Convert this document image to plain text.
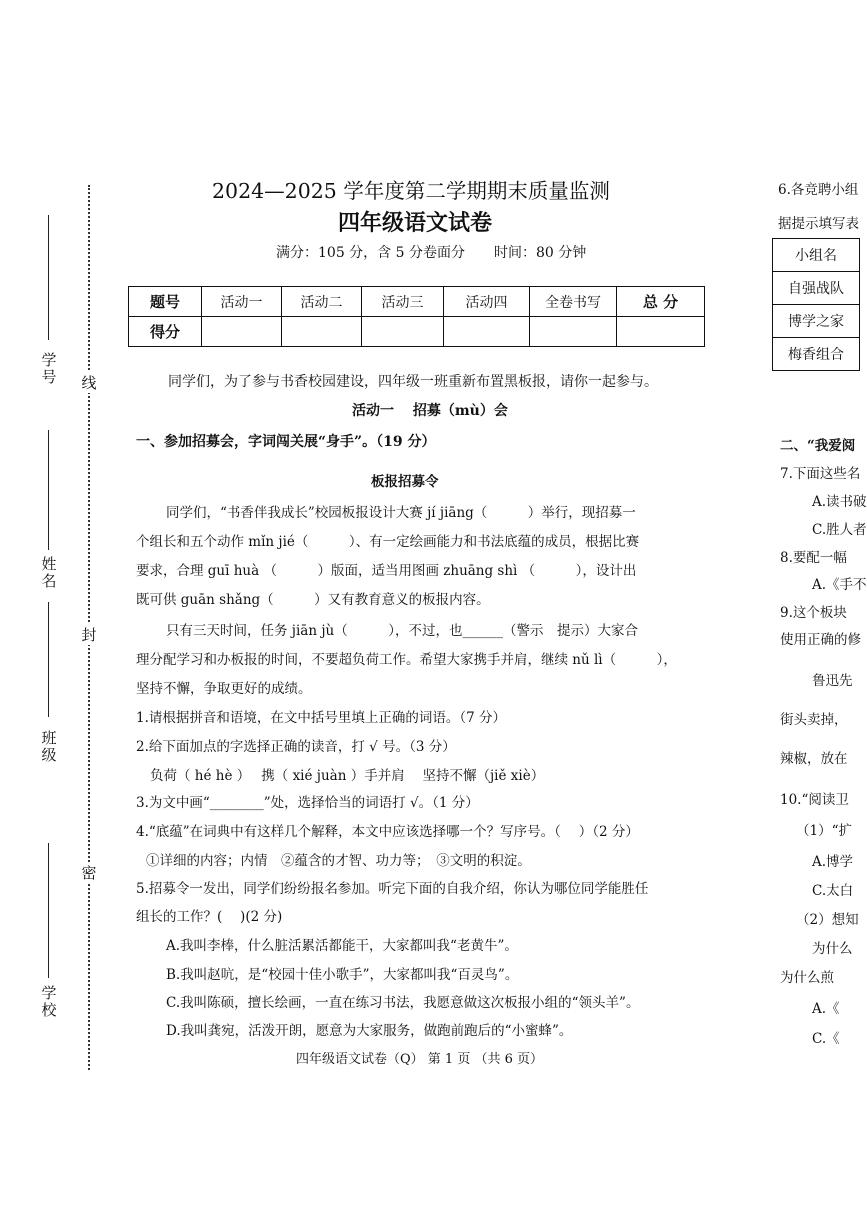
线
封
密
学号
姓名
班级
学校
2024—2025 学年度第二学期期末质量监测
四年级语文试卷
满分：105 分，含 5 分卷面分 时间：80 分钟
题号	活动一	活动二	活动三	活动四	全卷书写	总 分
得分						
同学们，为了参与书香校园建设，四年级一班重新布置黑板报，请你一起参与。
活动一　 招募（mù）会
一、参加招募会，字词闯关展“身手”。（19 分）
板报招募令
同学们，“书香伴我成长”校园板报设计大赛 jí jiāng（　　　）举行，现招募一
个组长和五个动作 mǐn jié（　　　）、有一定绘画能力和书法底蕴的成员，根据比赛
要求，合理 guī huà （　　　）版面，适当用图画 zhuāng shì （　　　），设计出
既可供 guān shǎng（　　　）又有教育意义的板报内容。
只有三天时间，任务 jiān jù（　　　），不过，也______（警示　提示）大家合
理分配学习和办板报的时间，不要超负荷工作。希望大家携手并肩，继续 nǔ lì（　　　），
坚持不懈，争取更好的成绩。
1.请根据拼音和语境，在文中括号里填上正确的词语。（7 分）
2.给下面加点的字选择正确的读音，打 √ 号。（3 分）
负荷（ hé hè ）　 携（ xié juàn ）手并肩　 坚持不懈（jiě xiè）
3.为文中画“________”处，选择恰当的词语打 √。（1 分）
4.“底蕴”在词典中有这样几个解释，本文中应该选择哪一个？写序号。（　 ）（2 分）
①详细的内容；内情　②蕴含的才智、功力等；　③文明的积淀。
5.招募令一发出，同学们纷纷报名参加。听完下面的自我介绍，你认为哪位同学能胜任
组长的工作？(　 )(2 分)
A.我叫李棒，什么脏活累活都能干，大家都叫我“老黄牛”。
B.我叫赵吭，是“校园十佳小歌手”，大家都叫我“百灵鸟”。
C.我叫陈硕，擅长绘画，一直在练习书法，我愿意做这次板报小组的“领头羊”。
D.我叫龚宛，活泼开朗，愿意为大家服务，做跑前跑后的“小蜜蜂”。
四年级语文试卷（Q） 第 1 页 （共 6 页）
6.各竞聘小组
据提示填写表
小组名
自强战队
博学之家
梅香组合
二、“我爱阅
7.下面这些名
A.读书破
C.胜人者
8.要配一幅
A.《手不
9.这个板块
使用正确的修
鲁迅先
街头卖掉，
辣椒，放在
10.“阅读卫
（1）“扩
A.博学
C.太白
（2）想知
为什么
为什么煎
A.《
C.《
